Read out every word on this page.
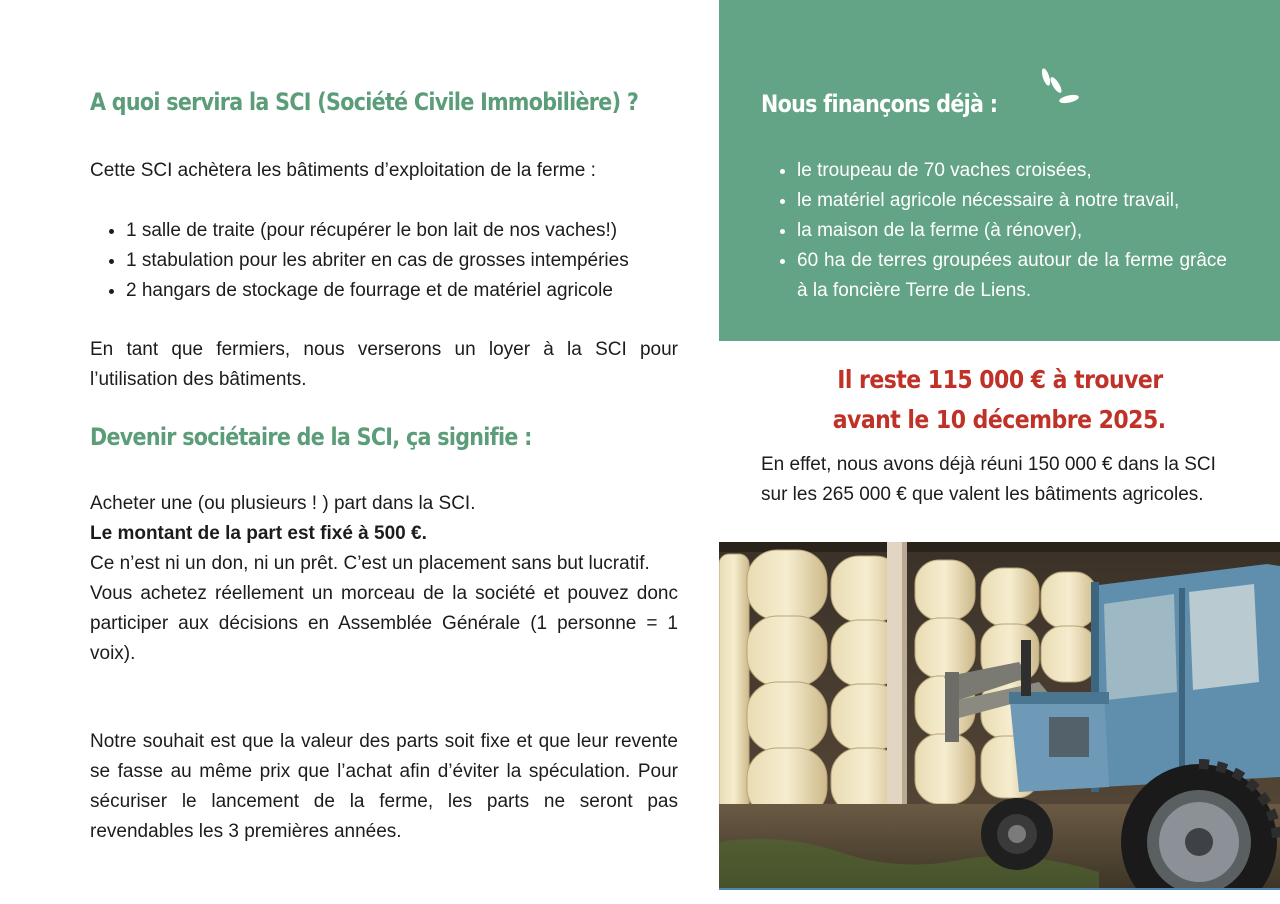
A quoi servira la SCI (Société Civile Immobilière) ?

Cette SCI achètera les bâtiments d’exploitation de la ferme :

• 1 salle de traite (pour récupérer le bon lait de nos vaches!)
• 1 stabulation pour les abriter en cas de grosses intempéries
• 2 hangars de stockage de fourrage et de matériel agricole

En tant que fermiers, nous verserons un loyer à la SCI pour l’utilisation des bâtiments.

Devenir sociétaire de la SCI, ça signifie :

Acheter une (ou plusieurs ! ) part dans la SCI.

Le montant de la part est fixé à 500 €.

Ce n’est ni un don, ni un prêt. C’est un placement sans but lucratif.

Vous achetez réellement un morceau de la société et pouvez donc participer aux décisions en Assemblée Générale (1 personne = 1 voix).

Notre souhait est que la valeur des parts soit fixe et que leur revente se fasse au même prix que l’achat afin d’éviter la spéculation. Pour sécuriser le lancement de la ferme, les parts ne seront pas revendables les 3 premières années.

Nous finançons déjà :
• le troupeau de 70 vaches croisées,
• le matériel agricole nécessaire à notre travail,
• la maison de la ferme (à rénover),
• 60 ha de terres groupées autour de la ferme grâce à la foncière Terre de Liens.
Il reste 115 000 € à trouver
avant le 10 décembre 2025.

En effet, nous avons déjà réuni 150 000 € dans la SCI sur les 265 000 € que valent les bâtiments agricoles.
